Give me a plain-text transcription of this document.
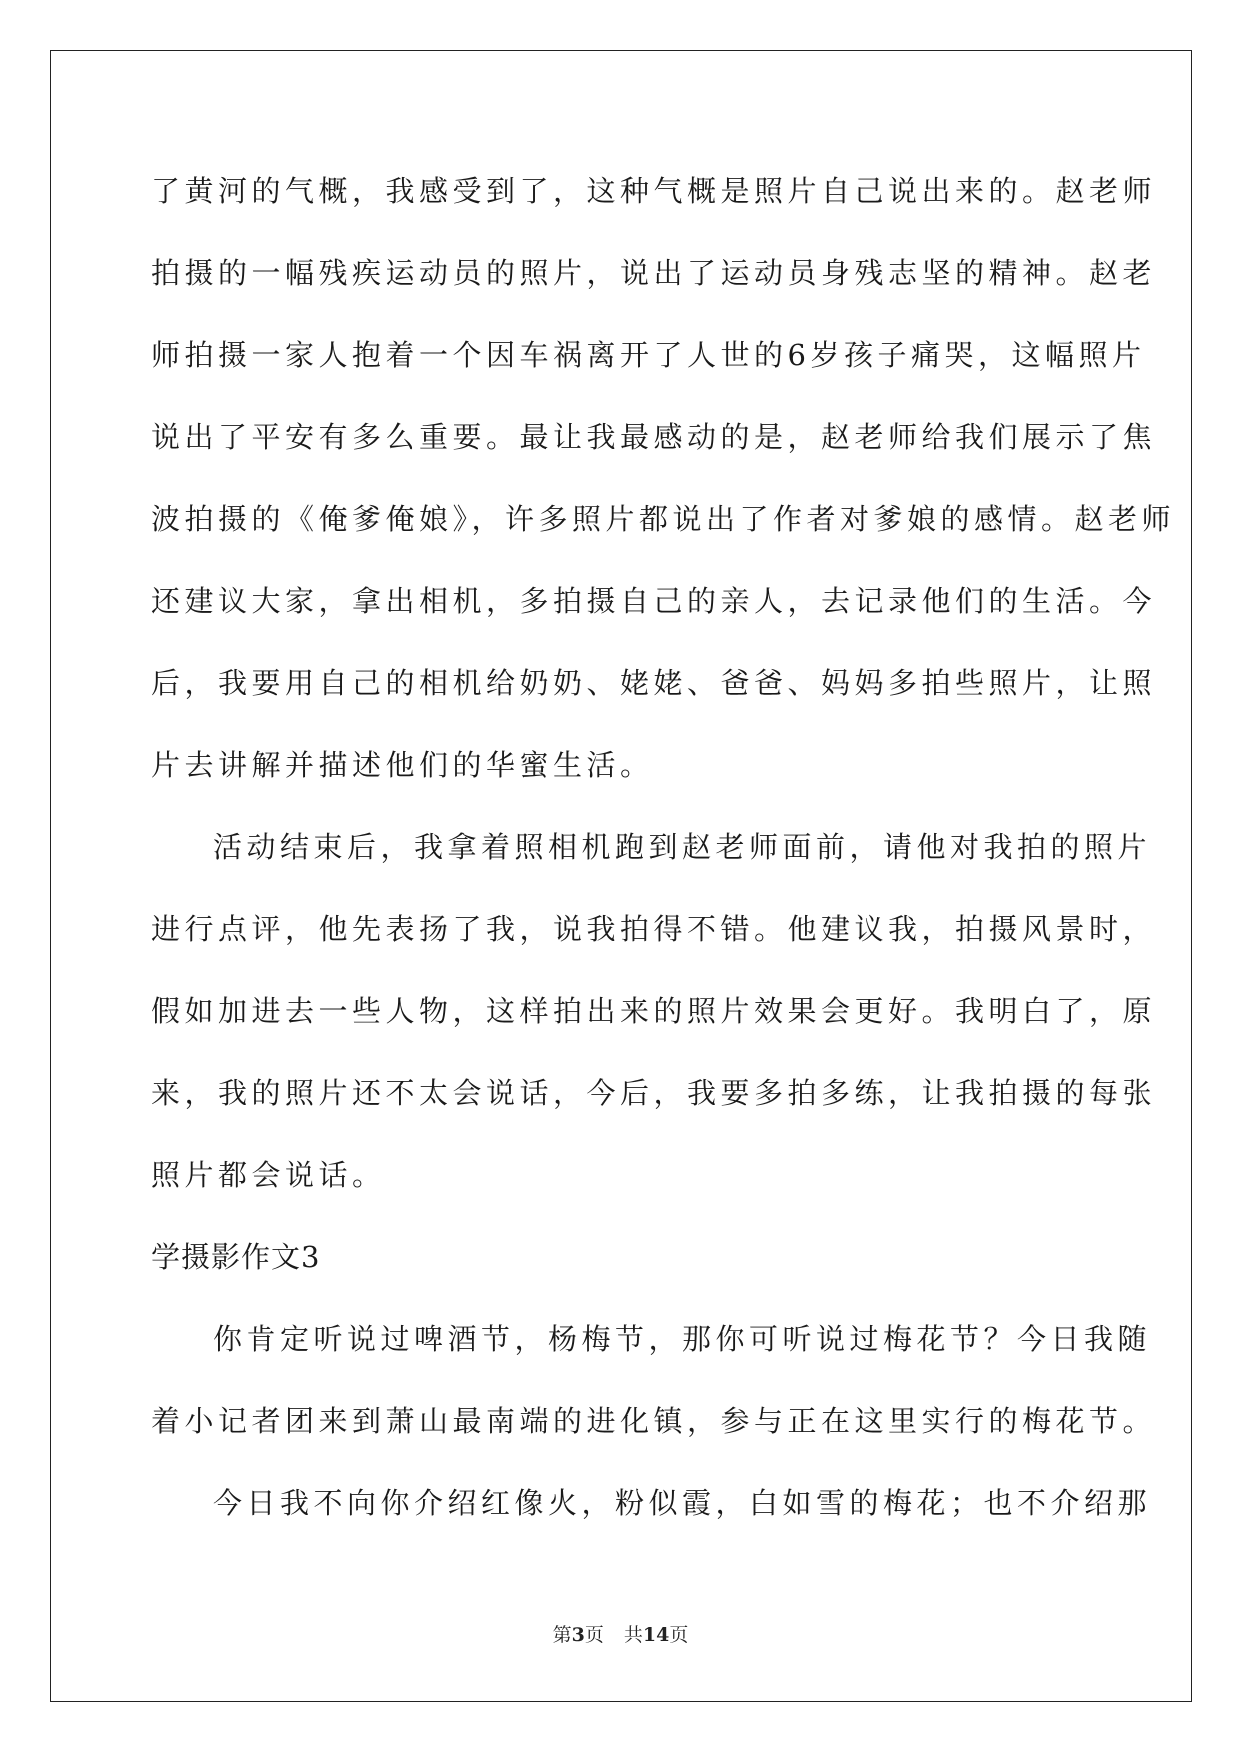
了黄河的气概，我感受到了，这种气概是照片自己说出来的。赵老师
拍摄的一幅残疾运动员的照片，说出了运动员身残志坚的精神。赵老
师拍摄一家人抱着一个因车祸离开了人世的6岁孩子痛哭，这幅照片
说出了平安有多么重要。最让我最感动的是，赵老师给我们展示了焦
波拍摄的《俺爹俺娘》，许多照片都说出了作者对爹娘的感情。赵老师
还建议大家，拿出相机，多拍摄自己的亲人，去记录他们的生活。今
后，我要用自己的相机给奶奶、姥姥、爸爸、妈妈多拍些照片，让照
片去讲解并描述他们的华蜜生活。
活动结束后，我拿着照相机跑到赵老师面前，请他对我拍的照片
进行点评，他先表扬了我，说我拍得不错。他建议我，拍摄风景时，
假如加进去一些人物，这样拍出来的照片效果会更好。我明白了，原
来，我的照片还不太会说话，今后，我要多拍多练，让我拍摄的每张
照片都会说话。
学摄影作文3
你肯定听说过啤酒节，杨梅节，那你可听说过梅花节？今日我随
着小记者团来到萧山最南端的进化镇，参与正在这里实行的梅花节。
今日我不向你介绍红像火，粉似霞，白如雪的梅花；也不介绍那
第3页 共14页
